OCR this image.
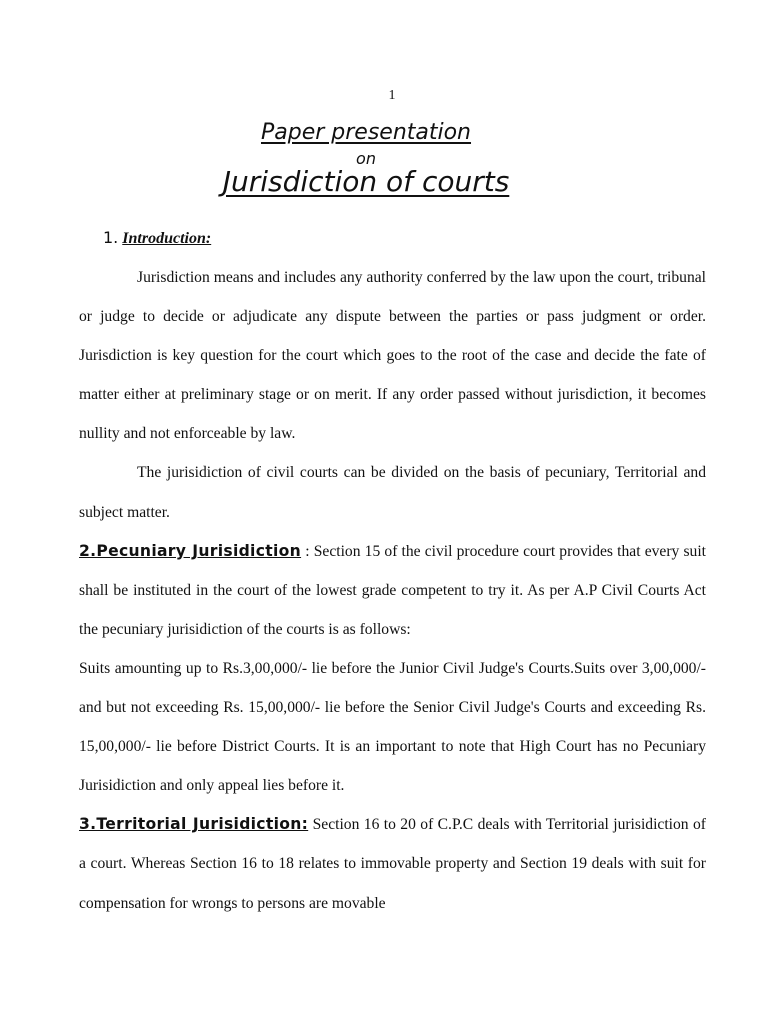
1
Paper presentation
on
Jurisdiction of courts
1. Introduction:

Jurisdiction means and includes any authority conferred by the law upon the court, tribunal or judge to decide or adjudicate any dispute between the parties or pass judgment or order. Jurisdiction is key question for the court which goes to the root of the case and decide the fate of matter either at preliminary stage or on merit. If any order passed without jurisdiction, it becomes nullity and not enforceable by law.

The jurisidiction of civil courts can be divided on the basis of pecuniary, Territorial and subject matter.

2.Pecuniary Jurisidiction : Section 15 of the civil procedure court provides that every suit shall be instituted in the court of the lowest grade competent to try it. As per A.P Civil Courts Act the pecuniary jurisidiction of the courts is as follows:

Suits amounting up to Rs.3,00,000/- lie before the Junior Civil Judge's Courts.Suits over 3,00,000/- and but not exceeding Rs. 15,00,000/- lie before the Senior Civil Judge's Courts and exceeding Rs. 15,00,000/- lie before District Courts. It is an important to note that High Court has no Pecuniary Jurisidiction and only appeal lies before it.

3.Territorial Jurisidiction: Section 16 to 20 of C.P.C deals with Territorial jurisidiction of a court. Whereas Section 16 to 18 relates to immovable property and Section 19 deals with suit for compensation for wrongs to persons are movable
